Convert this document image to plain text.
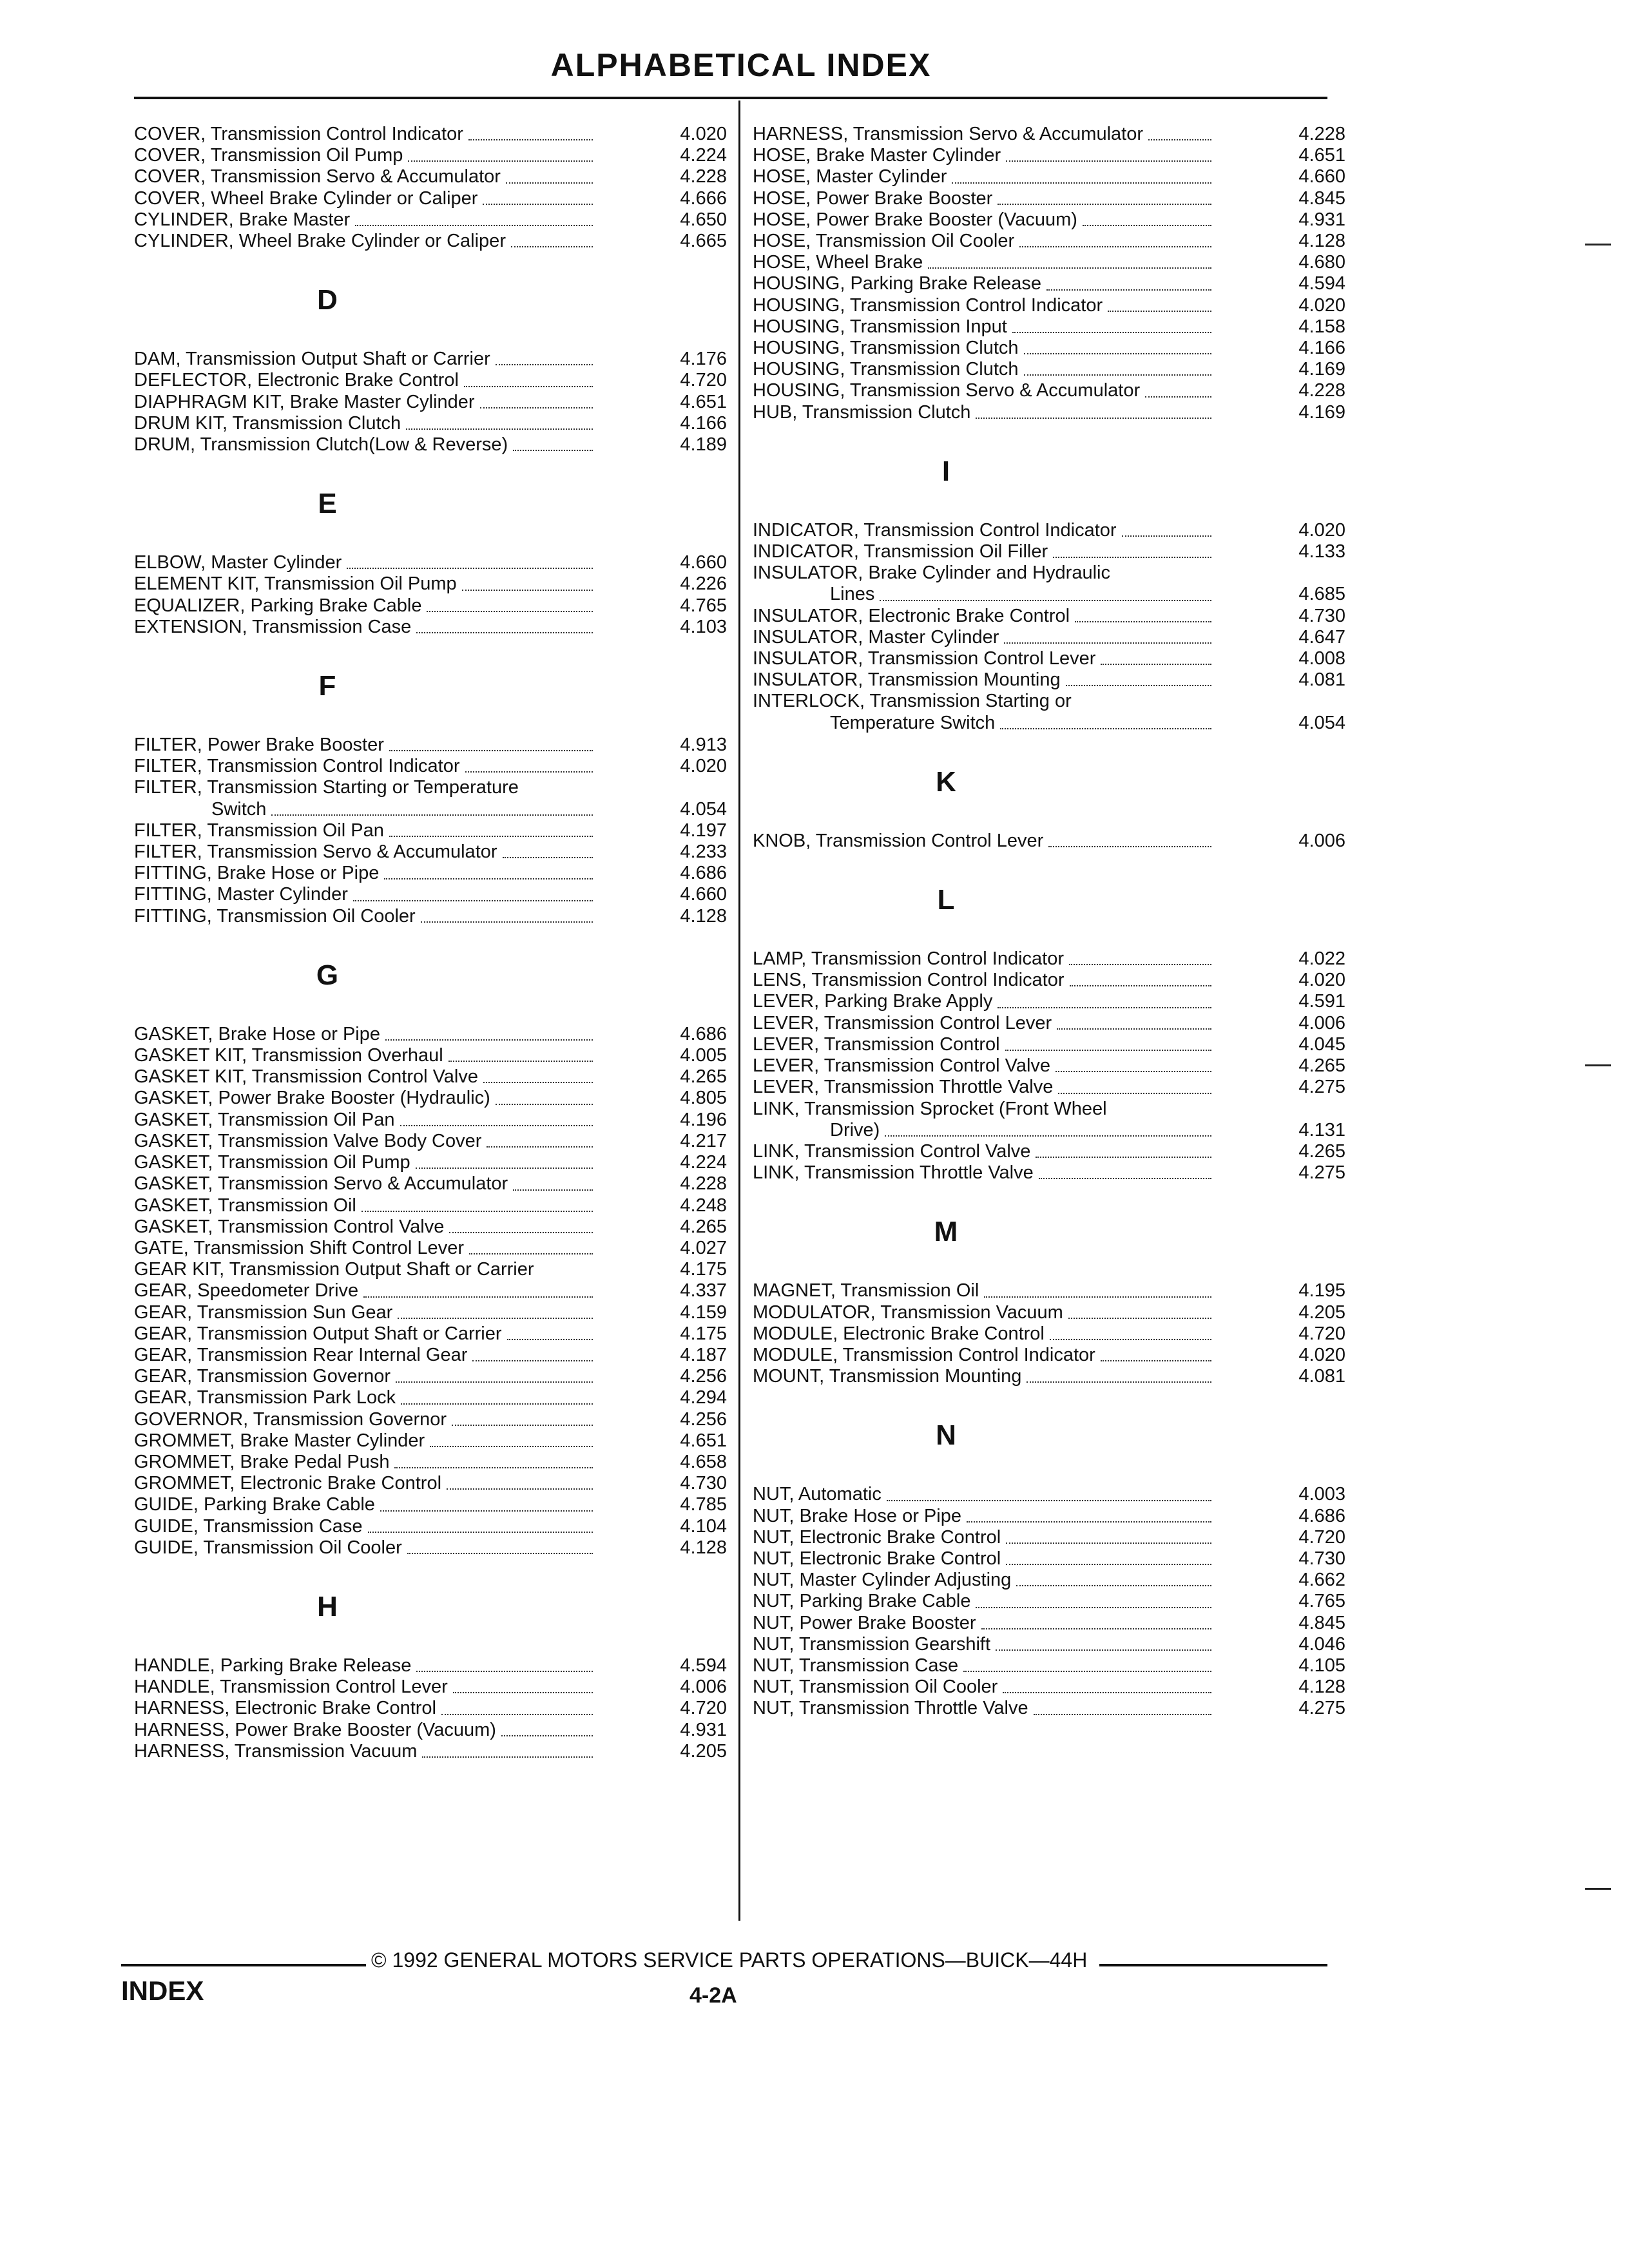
ALPHABETICAL INDEX
COVER, Transmission Control Indicator	4.020
COVER, Transmission Oil Pump	4.224
COVER, Transmission Servo & Accumulator	4.228
COVER, Wheel Brake Cylinder or Caliper	4.666
CYLINDER, Brake Master	4.650
CYLINDER, Wheel Brake Cylinder or Caliper	4.665
D
DAM, Transmission Output Shaft or Carrier	4.176
DEFLECTOR, Electronic Brake Control	4.720
DIAPHRAGM KIT, Brake Master Cylinder	4.651
DRUM KIT, Transmission Clutch	4.166
DRUM, Transmission Clutch(Low & Reverse)	4.189
E
ELBOW, Master Cylinder	4.660
ELEMENT KIT, Transmission Oil Pump	4.226
EQUALIZER, Parking Brake Cable	4.765
EXTENSION, Transmission Case	4.103
F
FILTER, Power Brake Booster	4.913
FILTER, Transmission Control Indicator	4.020
FILTER, Transmission Starting or Temperature
Switch	4.054
FILTER, Transmission Oil Pan	4.197
FILTER, Transmission Servo & Accumulator	4.233
FITTING, Brake Hose or Pipe	4.686
FITTING, Master Cylinder	4.660
FITTING, Transmission Oil Cooler	4.128
G
GASKET, Brake Hose or Pipe	4.686
GASKET KIT, Transmission Overhaul	4.005
GASKET KIT, Transmission Control Valve	4.265
GASKET, Power Brake Booster (Hydraulic)	4.805
GASKET, Transmission Oil Pan	4.196
GASKET, Transmission Valve Body Cover	4.217
GASKET, Transmission Oil Pump	4.224
GASKET, Transmission Servo & Accumulator	4.228
GASKET, Transmission Oil	4.248
GASKET, Transmission Control Valve	4.265
GATE, Transmission Shift Control Lever	4.027
GEAR KIT, Transmission Output Shaft or Carrier	4.175
GEAR, Speedometer Drive	4.337
GEAR, Transmission Sun Gear	4.159
GEAR, Transmission Output Shaft or Carrier	4.175
GEAR, Transmission Rear Internal Gear	4.187
GEAR, Transmission Governor	4.256
GEAR, Transmission Park Lock	4.294
GOVERNOR, Transmission Governor	4.256
GROMMET, Brake Master Cylinder	4.651
GROMMET, Brake Pedal Push	4.658
GROMMET, Electronic Brake Control	4.730
GUIDE, Parking Brake Cable	4.785
GUIDE, Transmission Case	4.104
GUIDE, Transmission Oil Cooler	4.128
H
HANDLE, Parking Brake Release	4.594
HANDLE, Transmission Control Lever	4.006
HARNESS, Electronic Brake Control	4.720
HARNESS, Power Brake Booster (Vacuum)	4.931
HARNESS, Transmission Vacuum	4.205
HARNESS, Transmission Servo & Accumulator	4.228
HOSE, Brake Master Cylinder	4.651
HOSE, Master Cylinder	4.660
HOSE, Power Brake Booster	4.845
HOSE, Power Brake Booster (Vacuum)	4.931
HOSE, Transmission Oil Cooler	4.128
HOSE, Wheel Brake	4.680
HOUSING, Parking Brake Release	4.594
HOUSING, Transmission Control Indicator	4.020
HOUSING, Transmission Input	4.158
HOUSING, Transmission Clutch	4.166
HOUSING, Transmission Clutch	4.169
HOUSING, Transmission Servo & Accumulator	4.228
HUB, Transmission Clutch	4.169
I
INDICATOR, Transmission Control Indicator	4.020
INDICATOR, Transmission Oil Filler	4.133
INSULATOR, Brake Cylinder and Hydraulic
Lines	4.685
INSULATOR, Electronic Brake Control	4.730
INSULATOR, Master Cylinder	4.647
INSULATOR, Transmission Control Lever	4.008
INSULATOR, Transmission Mounting	4.081
INTERLOCK, Transmission Starting or
Temperature Switch	4.054
K
KNOB, Transmission Control Lever	4.006
L
LAMP, Transmission Control Indicator	4.022
LENS, Transmission Control Indicator	4.020
LEVER, Parking Brake Apply	4.591
LEVER, Transmission Control Lever	4.006
LEVER, Transmission Control	4.045
LEVER, Transmission Control Valve	4.265
LEVER, Transmission Throttle Valve	4.275
LINK, Transmission Sprocket (Front Wheel
Drive)	4.131
LINK, Transmission Control Valve	4.265
LINK, Transmission Throttle Valve	4.275
M
MAGNET, Transmission Oil	4.195
MODULATOR, Transmission Vacuum	4.205
MODULE, Electronic Brake Control	4.720
MODULE, Transmission Control Indicator	4.020
MOUNT, Transmission Mounting	4.081
N
NUT, Automatic	4.003
NUT, Brake Hose or Pipe	4.686
NUT, Electronic Brake Control	4.720
NUT, Electronic Brake Control	4.730
NUT, Master Cylinder Adjusting	4.662
NUT, Parking Brake Cable	4.765
NUT, Power Brake Booster	4.845
NUT, Transmission Gearshift	4.046
NUT, Transmission Case	4.105
NUT, Transmission Oil Cooler	4.128
NUT, Transmission Throttle Valve	4.275
© 1992 GENERAL MOTORS SERVICE PARTS OPERATIONS—BUICK—44H
INDEX	4-2A
